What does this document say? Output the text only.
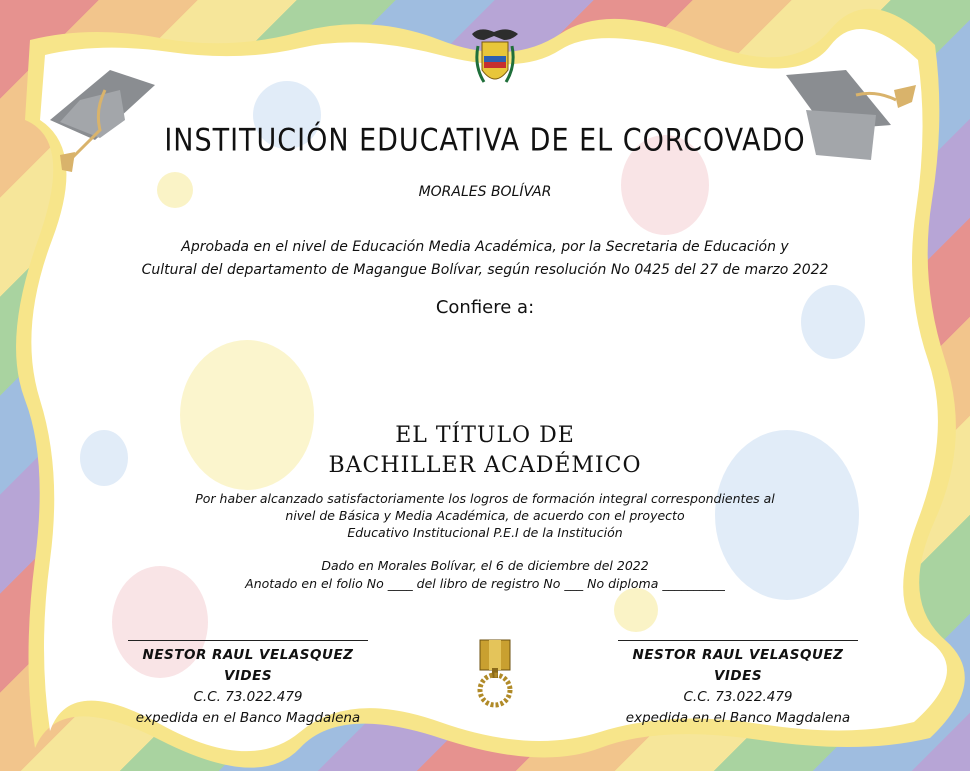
INSTITUCIÓN EDUCATIVA DE EL CORCOVADO
MORALES BOLÍVAR
Aprobada en el nivel de Educación Media Académica, por la Secretaria de Educación y
Cultural del departamento de Magangue Bolívar, según resolución No 0425 del 27 de marzo 2022
Confiere a:
EL TÍTULO DE
BACHILLER ACADÉMICO
Por haber alcanzado satisfactoriamente los logros de formación integral correspondientes al
nivel de Básica y Media Académica, de acuerdo con el proyecto
Educativo Institucional P.E.I de la Institución
Dado en Morales Bolívar, el 6 de diciembre del 2022
Anotado en el folio No ____ del libro de registro No ___ No diploma __________
NESTOR RAUL VELASQUEZ VIDES
C.C. 73.022.479
expedida en el Banco Magdalena
NESTOR RAUL VELASQUEZ VIDES
C.C. 73.022.479
expedida en el Banco Magdalena
